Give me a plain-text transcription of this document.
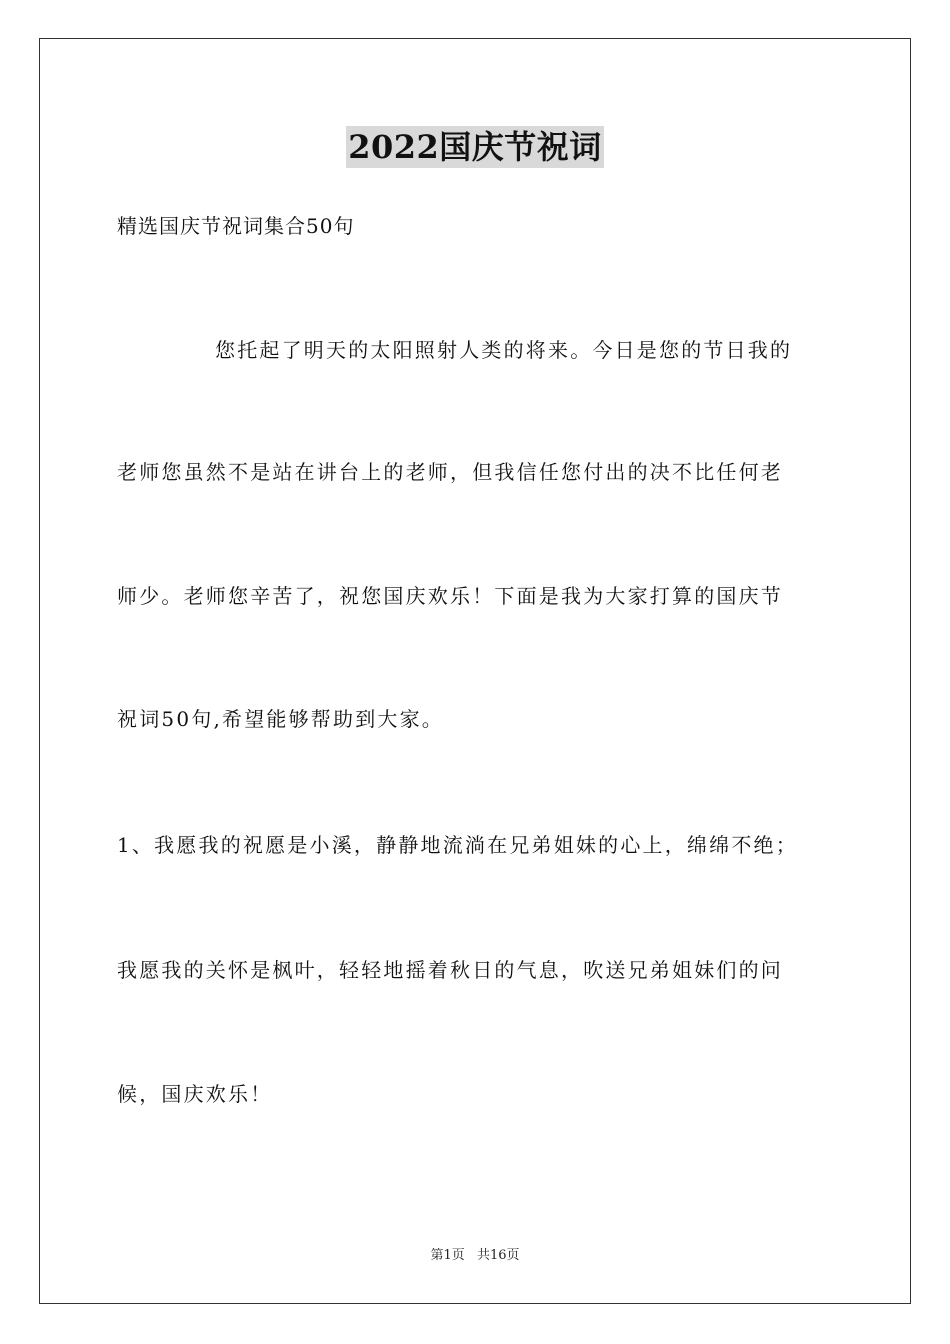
2022国庆节祝词
精选国庆节祝词集合50句
您托起了明天的太阳照射人类的将来。今日是您的节日我的
老师您虽然不是站在讲台上的老师，但我信任您付出的决不比任何老
师少。老师您辛苦了，祝您国庆欢乐！下面是我为大家打算的国庆节
祝词50句,希望能够帮助到大家。
1、我愿我的祝愿是小溪，静静地流淌在兄弟姐妹的心上，绵绵不绝；
我愿我的关怀是枫叶，轻轻地摇着秋日的气息，吹送兄弟姐妹们的问
候，国庆欢乐！
第1页 共16页
